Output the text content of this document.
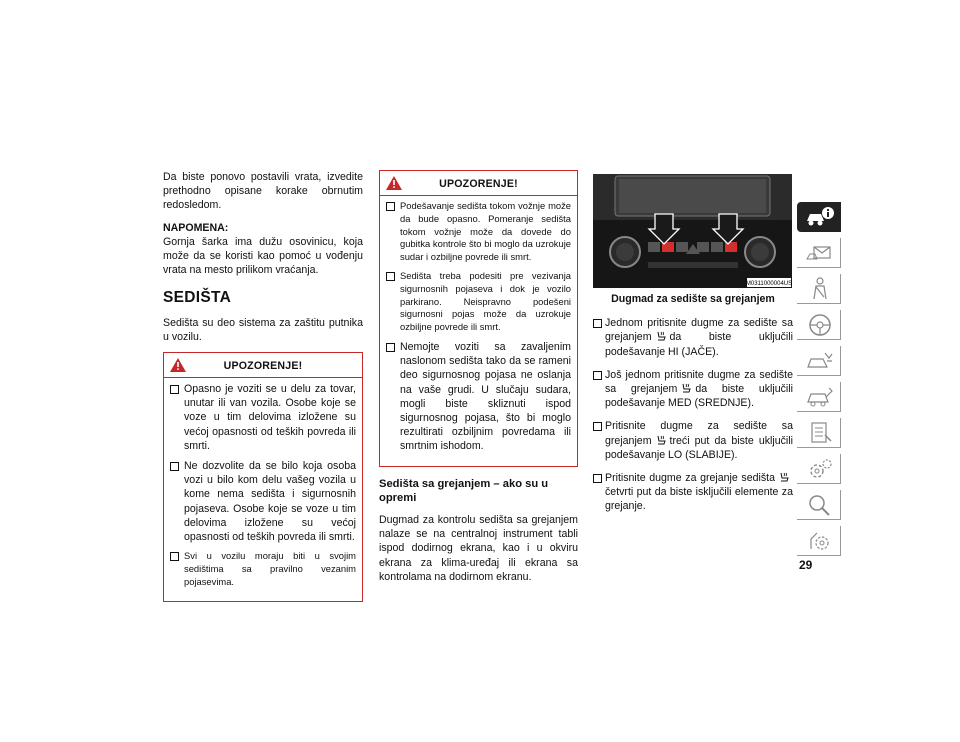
Da biste ponovo postavili vrata, izvedite prethodno opisane korake obrnutim redosledom.

NAPOMENA:

Gornja šarka ima dužu osovinicu, koja može da se koristi kao pomoć u vođenju vrata na mesto prilikom vraćanja.

SEDIŠTA

Sedišta su deo sistema za zaštitu putnika u vozilu.

UPOZORENJE!
Opasno je voziti se u delu za tovar, unutar ili van vozila. Osobe koje se voze u tim delovima izložene su većoj opasnosti od teških povreda ili smrti.
Ne dozvolite da se bilo koja osoba vozi u bilo kom delu vašeg vozila u kome nema sedišta i sigurnosnih pojaseva. Osobe koje se voze u tim delovima izložene su većoj opasnosti od teških povreda ili smrti.
Svi u vozilu moraju biti u svojim sedištima sa pravilno vezanim pojasevima.
UPOZORENJE!
Podešavanje sedišta tokom vožnje može da bude opasno. Pomeranje sedišta tokom vožnje može da dovede do gubitka kontrole što bi moglo da uzrokuje sudar i ozbiljne povrede ili smrt.
Sedišta treba podesiti pre vezivanja sigurnosnih pojaseva i dok je vozilo parkirano. Neispravno podešeni sigurnosni pojas može da uzrokuje ozbiljne povrede ili smrt.
Nemojte voziti sa zavaljenim naslonom sedišta tako da se rameni deo sigurnosnog pojasa ne oslanja na vaše grudi. U slučaju sudara, mogli biste skliznuti ispod sigurnosnog pojasa, što bi moglo rezultirati ozbiljnim povredama ili smrtnim ishodom.
Sedišta sa grejanjem – ako su u opremi

Dugmad za kontrolu sedišta sa grejanjem nalaze se na centralnoj instrument tabli ispod dodirnog ekrana, kao i u okviru ekrana za klima-uređaj ili ekrana sa kontrolama na dodirnom ekranu.

M0311000004US
Dugmad za sedište sa grejanjem
Jednom pritisnite dugme za sedište sa grejanjem da biste uključili podešavanje HI (JAČE).
Još jednom pritisnite dugme za sedište sa grejanjem da biste uključili podešavanje MED (SREDNJE).
Pritisnite dugme za sedište sa grejanjem treći put da biste uključili podešavanje LO (SLABIJE).
Pritisnite dugme za grejanje sedištačetvrti put da biste isključili elemente za grejanje.
29
